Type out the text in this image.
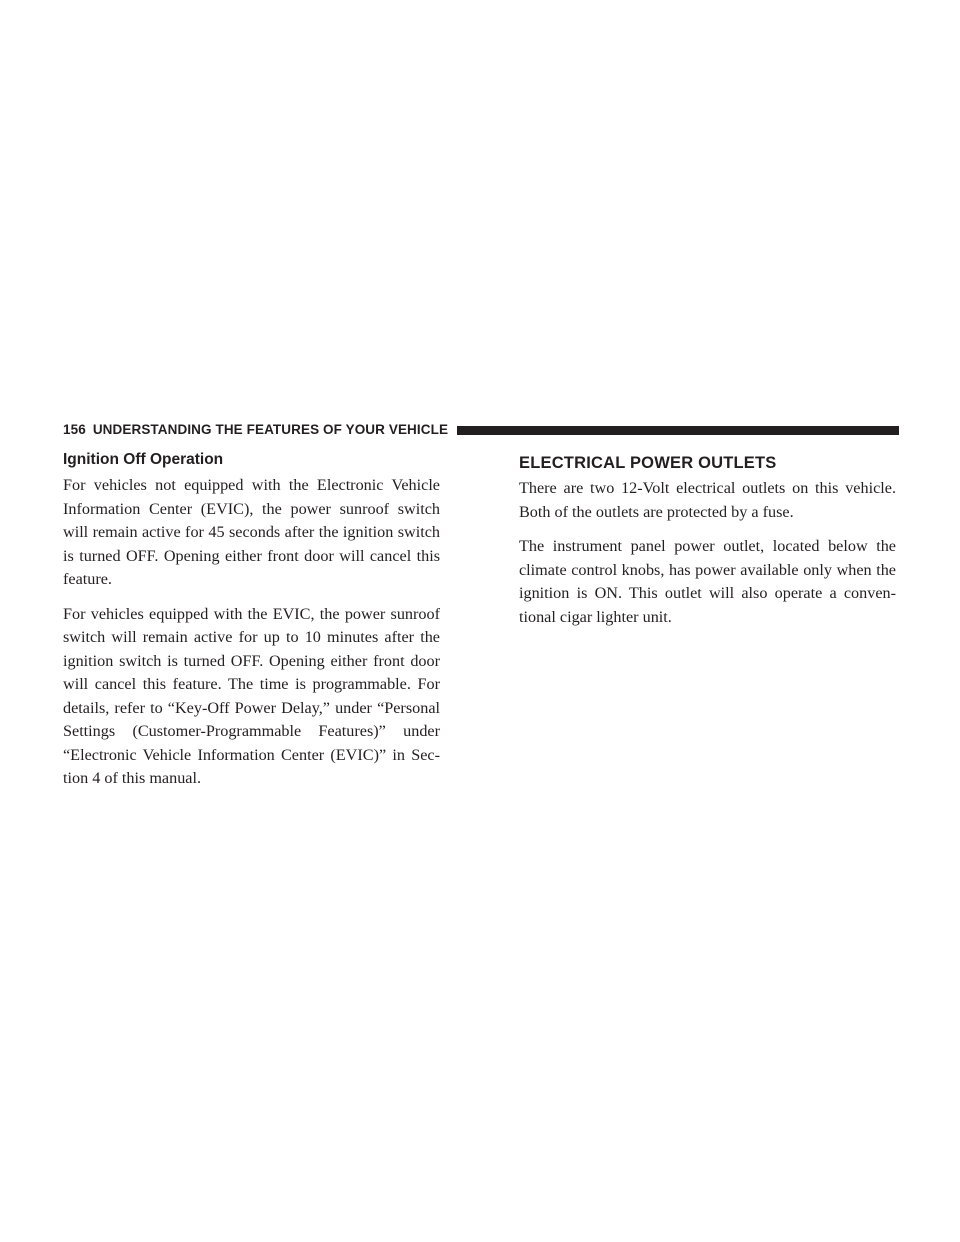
156 UNDERSTANDING THE FEATURES OF YOUR VEHICLE
Ignition Off Operation

For vehicles not equipped with the Electronic Vehicle Information Center (EVIC), the power sunroof switch will remain active for 45 seconds after the ignition switch is turned OFF. Opening either front door will cancel this feature.

For vehicles equipped with the EVIC, the power sunroof switch will remain active for up to 10 minutes after the ignition switch is turned OFF. Opening either front door will cancel this feature. The time is programmable. For details, refer to “Key-Off Power Delay,” under “Personal Settings (Customer-Programmable Features)” under “Electronic Vehicle Information Center (EVIC)” in Sec-tion 4 of this manual.

ELECTRICAL POWER OUTLETS

There are two 12-Volt electrical outlets on this vehicle. Both of the outlets are protected by a fuse.

The instrument panel power outlet, located below the climate control knobs, has power available only when the ignition is ON. This outlet will also operate a conven-tional cigar lighter unit.
